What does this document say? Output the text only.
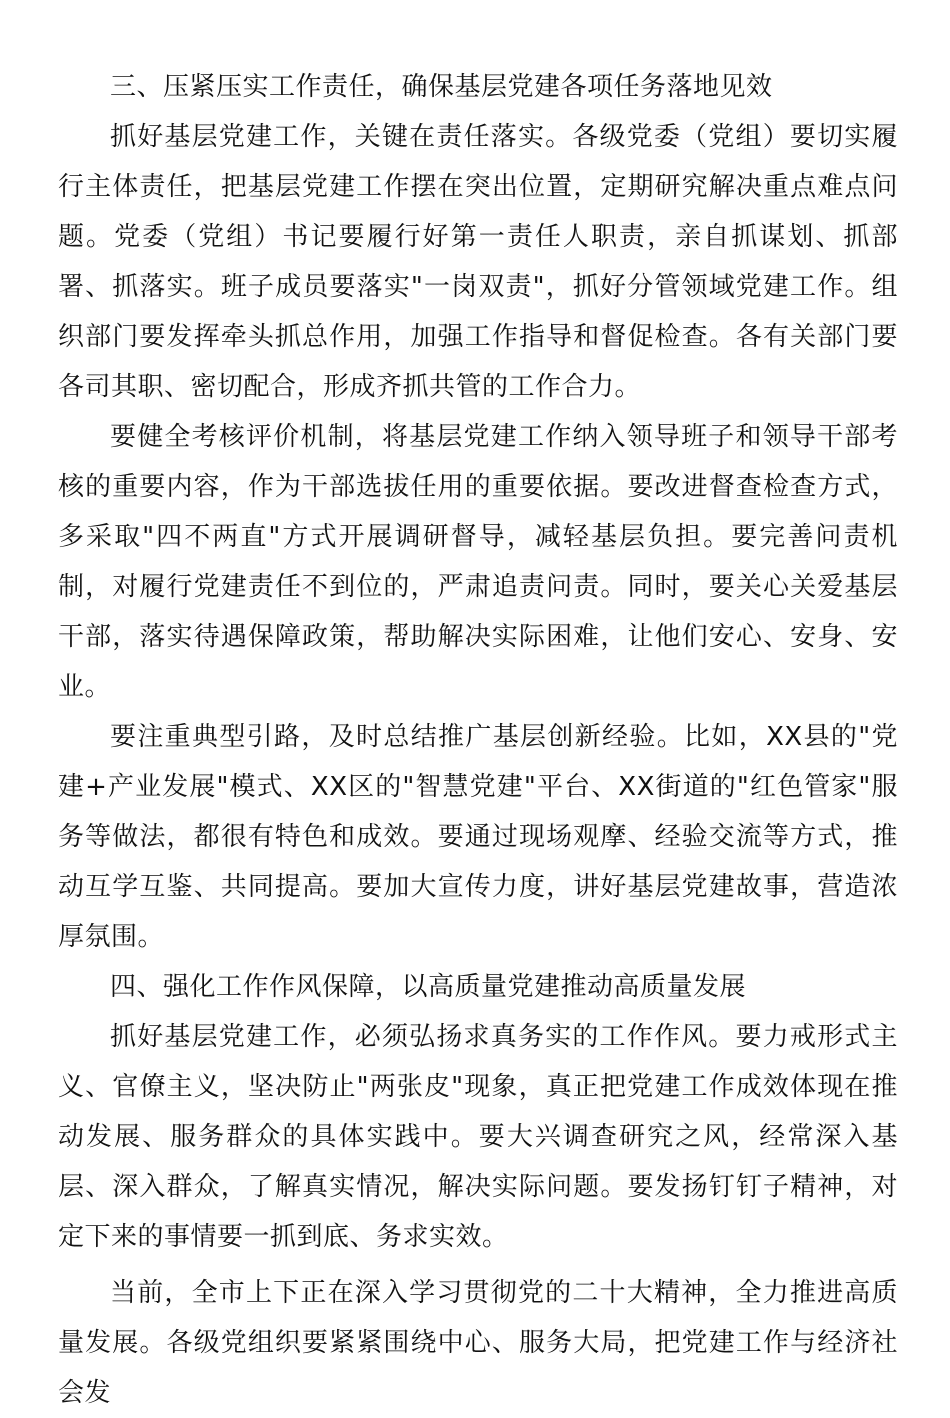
三、压紧压实工作责任，确保基层党建各项任务落地见效

抓好基层党建工作，关键在责任落实。各级党委（党组）要切实履行主体责任，把基层党建工作摆在突出位置，定期研究解决重点难点问题。党委（党组）书记要履行好第一责任人职责，亲自抓谋划、抓部署、抓落实。班子成员要落实"一岗双责"，抓好分管领域党建工作。组织部门要发挥牵头抓总作用，加强工作指导和督促检查。各有关部门要各司其职、密切配合，形成齐抓共管的工作合力。

要健全考核评价机制，将基层党建工作纳入领导班子和领导干部考核的重要内容，作为干部选拔任用的重要依据。要改进督查检查方式，多采取"四不两直"方式开展调研督导，减轻基层负担。要完善问责机制，对履行党建责任不到位的，严肃追责问责。同时，要关心关爱基层干部，落实待遇保障政策，帮助解决实际困难，让他们安心、安身、安业。

要注重典型引路，及时总结推广基层创新经验。比如，XX县的"党建+产业发展"模式、XX区的"智慧党建"平台、XX街道的"红色管家"服务等做法，都很有特色和成效。要通过现场观摩、经验交流等方式，推动互学互鉴、共同提高。要加大宣传力度，讲好基层党建故事，营造浓厚氛围。

四、强化工作作风保障，以高质量党建推动高质量发展

抓好基层党建工作，必须弘扬求真务实的工作作风。要力戒形式主义、官僚主义，坚决防止"两张皮"现象，真正把党建工作成效体现在推动发展、服务群众的具体实践中。要大兴调查研究之风，经常深入基层、深入群众，了解真实情况，解决实际问题。要发扬钉钉子精神，对定下来的事情要一抓到底、务求实效。

当前，全市上下正在深入学习贯彻党的二十大精神，全力推进高质量发展。各级党组织要紧紧围绕中心、服务大局，把党建工作与经济社会发
